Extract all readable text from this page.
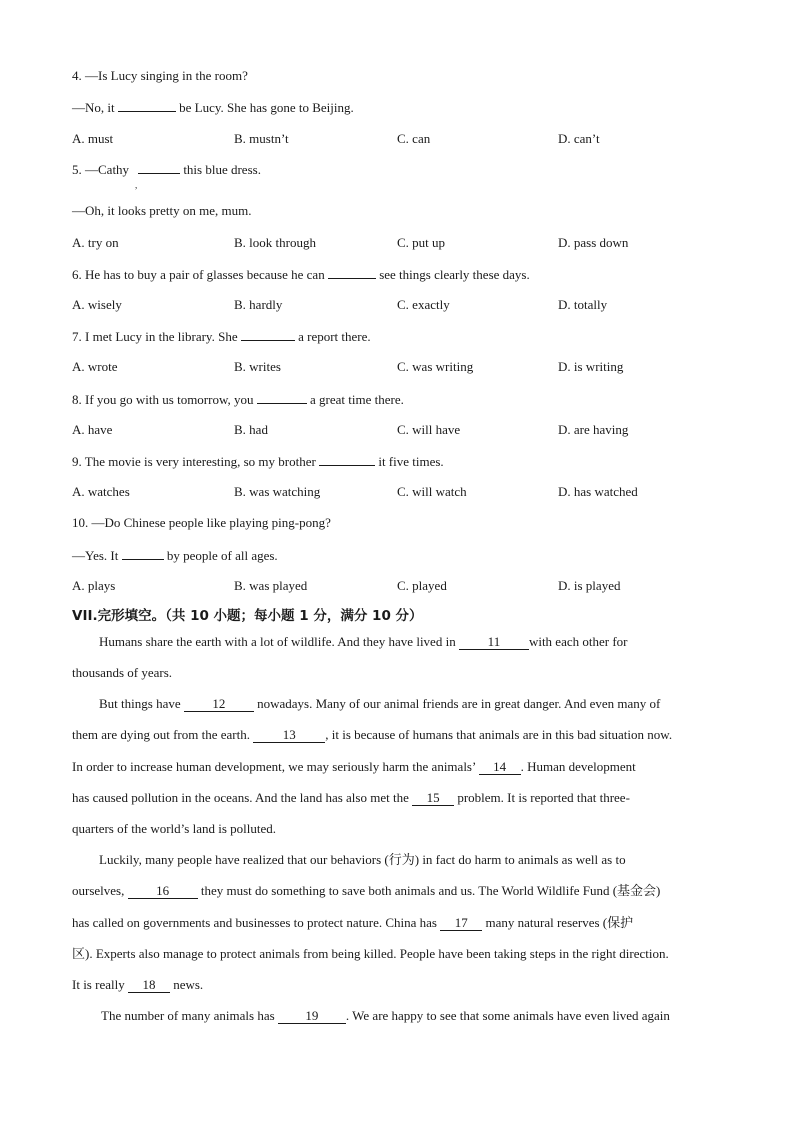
4. —Is Lucy singing in the room?
—No, it	be Lucy. She has gone to Beijing.
A. must	B. mustn’t	C. can	D. can’t
5. —Cathy	this blue dress.
,
—Oh, it looks pretty on me, mum.
A. try on	B. look through	C. put up	D. pass down
6. He has to buy a pair of glasses because he can	see things clearly these days.
A. wisely	B. hardly	C. exactly	D. totally
7. I met Lucy in the library. She	a report there.
A. wrote	B. writes	C. was writing	D. is writing
8. If you go with us tomorrow, you	a great time there.
A. have	B. had	C. will have	D. are having
9. The movie is very interesting, so my brother	it five times.
A. watches	B. was watching	C. will watch	D. has watched
10. —Do Chinese people like playing ping-pong?
—Yes. It	by people of all ages.
A. plays	B. was played	C. played	D. is played
VII.完形填空。（共 10 小题；每小题 1 分，满分 10 分）
Humans share the earth with a lot of wildlife. And they have lived in 11 with each other for
thousands of years.
But things have 12 nowadays. Many of our animal friends are in great danger. And even many of
them are dying out from the earth. 13 , it is because of humans that animals are in this bad situation now.
In order to increase human development, we may seriously harm the animals’ 14 . Human development
has caused pollution in the oceans. And the land has also met the 15 problem. It is reported that three-
quarters of the world’s land is polluted.
Luckily, many people have realized that our behaviors (行为) in fact do harm to animals as well as to
ourselves, 16 they must do something to save both animals and us. The World Wildlife Fund (基金会)
has called on governments and businesses to protect nature. China has 17 many natural reserves (保护
区). Experts also manage to protect animals from being killed. People have been taking steps in the right direction.
It is really 18 news.
The number of many animals has 19 . We are happy to see that some animals have even lived again
